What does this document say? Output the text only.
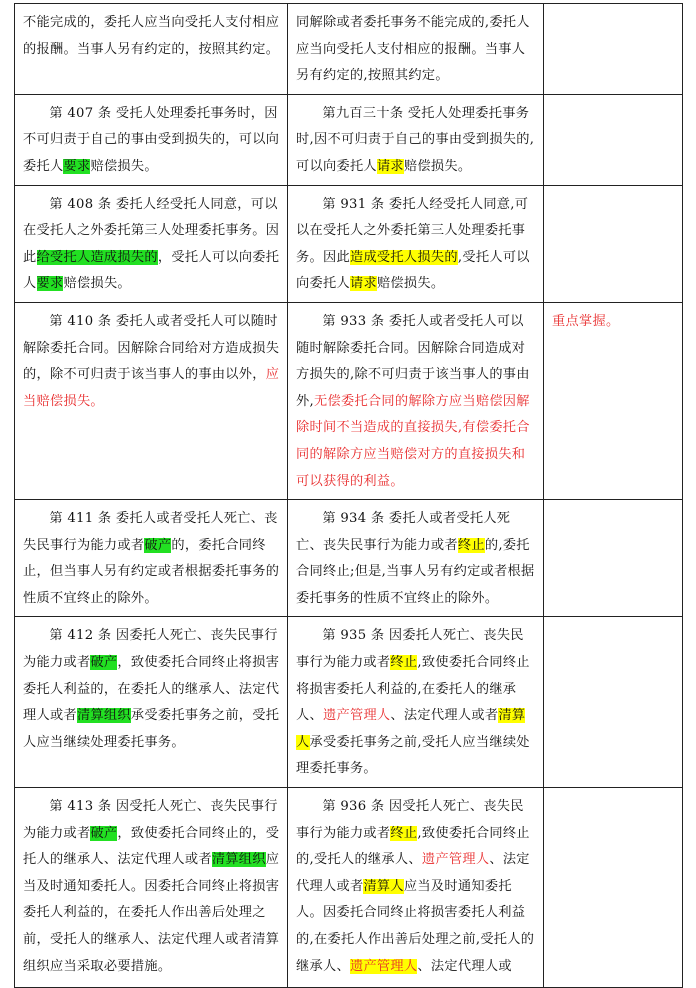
不能完成的，委托人应当向受托人支付相应的报酬。当事人另有约定的，按照其约定。	同解除或者委托事务不能完成的,委托人应当向受托人支付相应的报酬。当事人另有约定的,按照其约定。	
第 407 条 受托人处理委托事务时，因不可归责于自己的事由受到损失的，可以向委托人要求赔偿损失。	第九百三十条 受托人处理委托事务时,因不可归责于自己的事由受到损失的,可以向委托人请求赔偿损失。	
第 408 条 委托人经受托人同意，可以在受托人之外委托第三人处理委托事务。因此给受托人造成损失的，受托人可以向委托人要求赔偿损失。	第 931 条 委托人经受托人同意,可以在受托人之外委托第三人处理委托事务。因此造成受托人损失的,受托人可以向委托人请求赔偿损失。	
第 410 条 委托人或者受托人可以随时解除委托合同。因解除合同给对方造成损失的，除不可归责于该当事人的事由以外，应当赔偿损失。	第 933 条 委托人或者受托人可以随时解除委托合同。因解除合同造成对方损失的,除不可归责于该当事人的事由外,无偿委托合同的解除方应当赔偿因解除时间不当造成的直接损失,有偿委托合同的解除方应当赔偿对方的直接损失和可以获得的利益。	重点掌握。
第 411 条 委托人或者受托人死亡、丧失民事行为能力或者破产的，委托合同终止，但当事人另有约定或者根据委托事务的性质不宜终止的除外。	第 934 条 委托人或者受托人死亡、丧失民事行为能力或者终止的,委托合同终止;但是,当事人另有约定或者根据委托事务的性质不宜终止的除外。	
第 412 条 因委托人死亡、丧失民事行为能力或者破产，致使委托合同终止将损害委托人利益的，在委托人的继承人、法定代理人或者清算组织承受委托事务之前，受托人应当继续处理委托事务。	第 935 条 因委托人死亡、丧失民事行为能力或者终止,致使委托合同终止将损害委托人利益的,在委托人的继承人、遗产管理人、法定代理人或者清算人承受委托事务之前,受托人应当继续处理委托事务。	
第 413 条 因受托人死亡、丧失民事行为能力或者破产，致使委托合同终止的，受托人的继承人、法定代理人或者清算组织应当及时通知委托人。因委托合同终止将损害委托人利益的，在委托人作出善后处理之前，受托人的继承人、法定代理人或者清算组织应当采取必要措施。	第 936 条 因受托人死亡、丧失民事行为能力或者终止,致使委托合同终止的,受托人的继承人、遗产管理人、法定代理人或者清算人应当及时通知委托人。因委托合同终止将损害委托人利益的,在委托人作出善后处理之前,受托人的继承人、遗产管理人、法定代理人或	
